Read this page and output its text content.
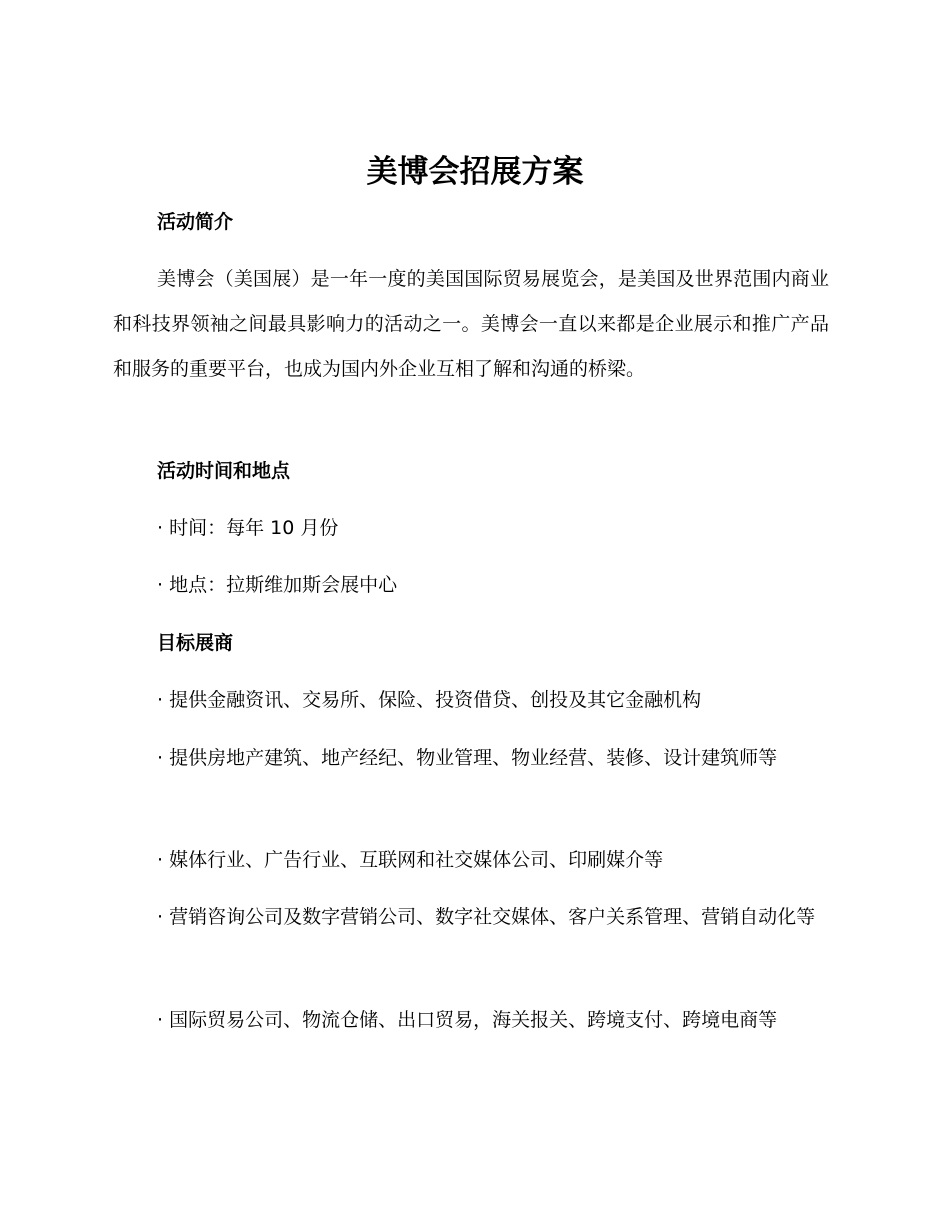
美博会招展方案
活动简介

美博会（美国展）是一年一度的美国国际贸易展览会，是美国及世界范围内商业和科技界领袖之间最具影响力的活动之一。美博会一直以来都是企业展示和推广产品和服务的重要平台，也成为国内外企业互相了解和沟通的桥梁。

活动时间和地点

· 时间：每年 10 月份

· 地点：拉斯维加斯会展中心

目标展商

· 提供金融资讯、交易所、保险、投资借贷、创投及其它金融机构

· 提供房地产建筑、地产经纪、物业管理、物业经营、装修、设计建筑师等

· 媒体行业、广告行业、互联网和社交媒体公司、印刷媒介等

· 营销咨询公司及数字营销公司、数字社交媒体、客户关系管理、营销自动化等

· 国际贸易公司、物流仓储、出口贸易，海关报关、跨境支付、跨境电商等
